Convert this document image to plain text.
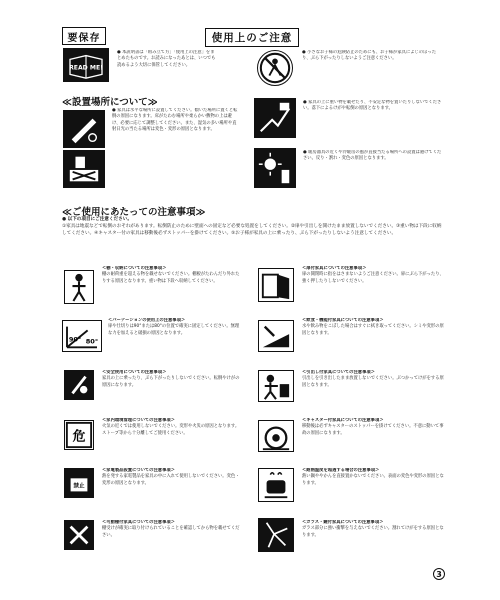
要保存	使用上のご注意
READ ME!
● 本説明書は「組み立て方」「使用上の注意」をまとめたものです。お読みになったあとは、いつでも読めるよう大切に保管してください。
● 小さなお子様の危険防止のためにも、お子様が家具によじのぼったり、ぶら下がったりしないようご注意ください。
≪設置場所について≫
● 家具は水平な場所に設置してください。傾いた場所に置くと転倒の原因になります。床がたわむ場所や柔らかい敷物の上は避け、必要に応じて調整してください。また、湿気の多い場所や直射日光の当たる場所は変色・変形の原因となります。
● 家具の上に重い物を載せたり、不安定な物を置いたりしないでください。落下によるけがや転倒の原因となります。
● 暖房器具の近くや冷暖房の風が直接当たる場所への設置は避けてください。反り・割れ・変色の原因となります。
≪ご使用にあたっての注意事項≫
● 以下の項目にご注意ください。
①家具は地震などで転倒のおそれがあります。転倒防止のために壁面への固定など必要な処置をしてください。②扉や引出しを開けたまま放置しないでください。③重い物は下段に収納してください。④キャスター付の家具は移動後必ずストッパーを掛けてください。⑤お子様が家具の上に乗ったり、ぶら下がったりしないよう注意してください。
＜棚・収納についての注意事項＞
棚の耐荷重を超える物を載せないでください。棚板がたわんだり外れたりする原因となります。重い物は下段へ収納してください。
90° 80°
＜パーテーションの使用上の注意事項＞
扉や仕切りは90°または80°の位置で確実に固定してください。無理な力を加えると破損の原因となります。
＜安全使用についての注意事項＞
家具の上に乗ったり、ぶら下がったりしないでください。転倒やけがの原因になります。
危
＜家内環境管理についての注意事項＞
火気の近くでは使用しないでください。変形や火災の原因となります。ストーブ等から十分離してご使用ください。
禁止
＜家電製品設置についての注意事項＞
熱を発する家電製品を家具の中に入れて使用しないでください。変色・変形の原因となります。
＜可動棚付家具についての注意事項＞
棚受けが確実に取り付けられていることを確認してから物を載せてください。
＜扉付家具についての注意事項＞
扉の開閉時に指をはさまないようご注意ください。扉にぶら下がったり、強く押したりしないでください。
＜飲食・機能付家具についての注意事項＞
水や飲み物をこぼした場合はすぐに拭き取ってください。シミや変形の原因となります。
＜引出し付家具についての注意事項＞
引出しを引き出したまま放置しないでください。ぶつかってけがをする原因となります。
＜キャスター付家具についての注意事項＞
移動後は必ずキャスターのストッパーを掛けてください。不意に動いて事故の原因になります。
＜耐熱温度を超過する場合の注意事項＞
熱い鍋ややかんを直接置かないでください。表面の変色や変形の原因となります。
＜ガラス・鏡付家具についての注意事項＞
ガラス部分に強い衝撃を与えないでください。割れてけがをする原因となります。
3
